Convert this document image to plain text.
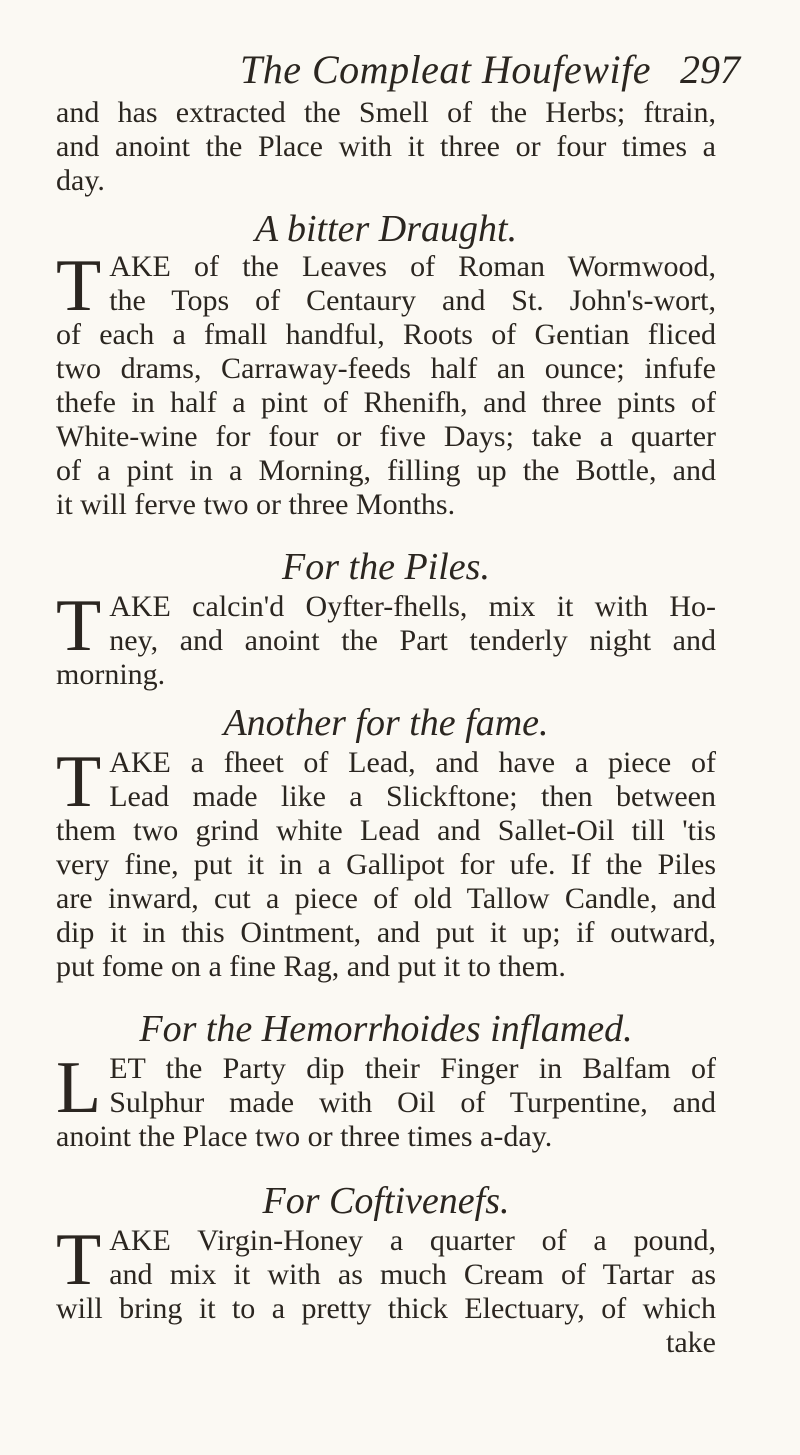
The Compleat Houfewife 297
and has extracted the Smell of the Herbs; ftrain,
and anoint the Place with it three or four times a
day.
A bitter Draught.
T AKE of the Leaves of Roman Wormwood,
the Tops of Centaury and St. John's-wort,
of each a fmall handful, Roots of Gentian fliced
two drams, Carraway-feeds half an ounce; infufe
thefe in half a pint of Rhenifh, and three pints of
White-wine for four or five Days; take a quarter
of a pint in a Morning, filling up the Bottle, and
it will ferve two or three Months.
For the Piles.
T AKE calcin'd Oyfter-fhells, mix it with Ho-
ney, and anoint the Part tenderly night and
morning.
Another for the fame.
T AKE a fheet of Lead, and have a piece of
Lead made like a Slickftone; then between
them two grind white Lead and Sallet-Oil till 'tis
very fine, put it in a Gallipot for ufe. If the Piles
are inward, cut a piece of old Tallow Candle, and
dip it in this Ointment, and put it up; if outward,
put fome on a fine Rag, and put it to them.
For the Hemorrhoides inflamed.
L ET the Party dip their Finger in Balfam of
Sulphur made with Oil of Turpentine, and
anoint the Place two or three times a-day.
For Coftivenefs.
T AKE Virgin-Honey a quarter of a pound,
and mix it with as much Cream of Tartar as
will bring it to a pretty thick Electuary, of which
take
